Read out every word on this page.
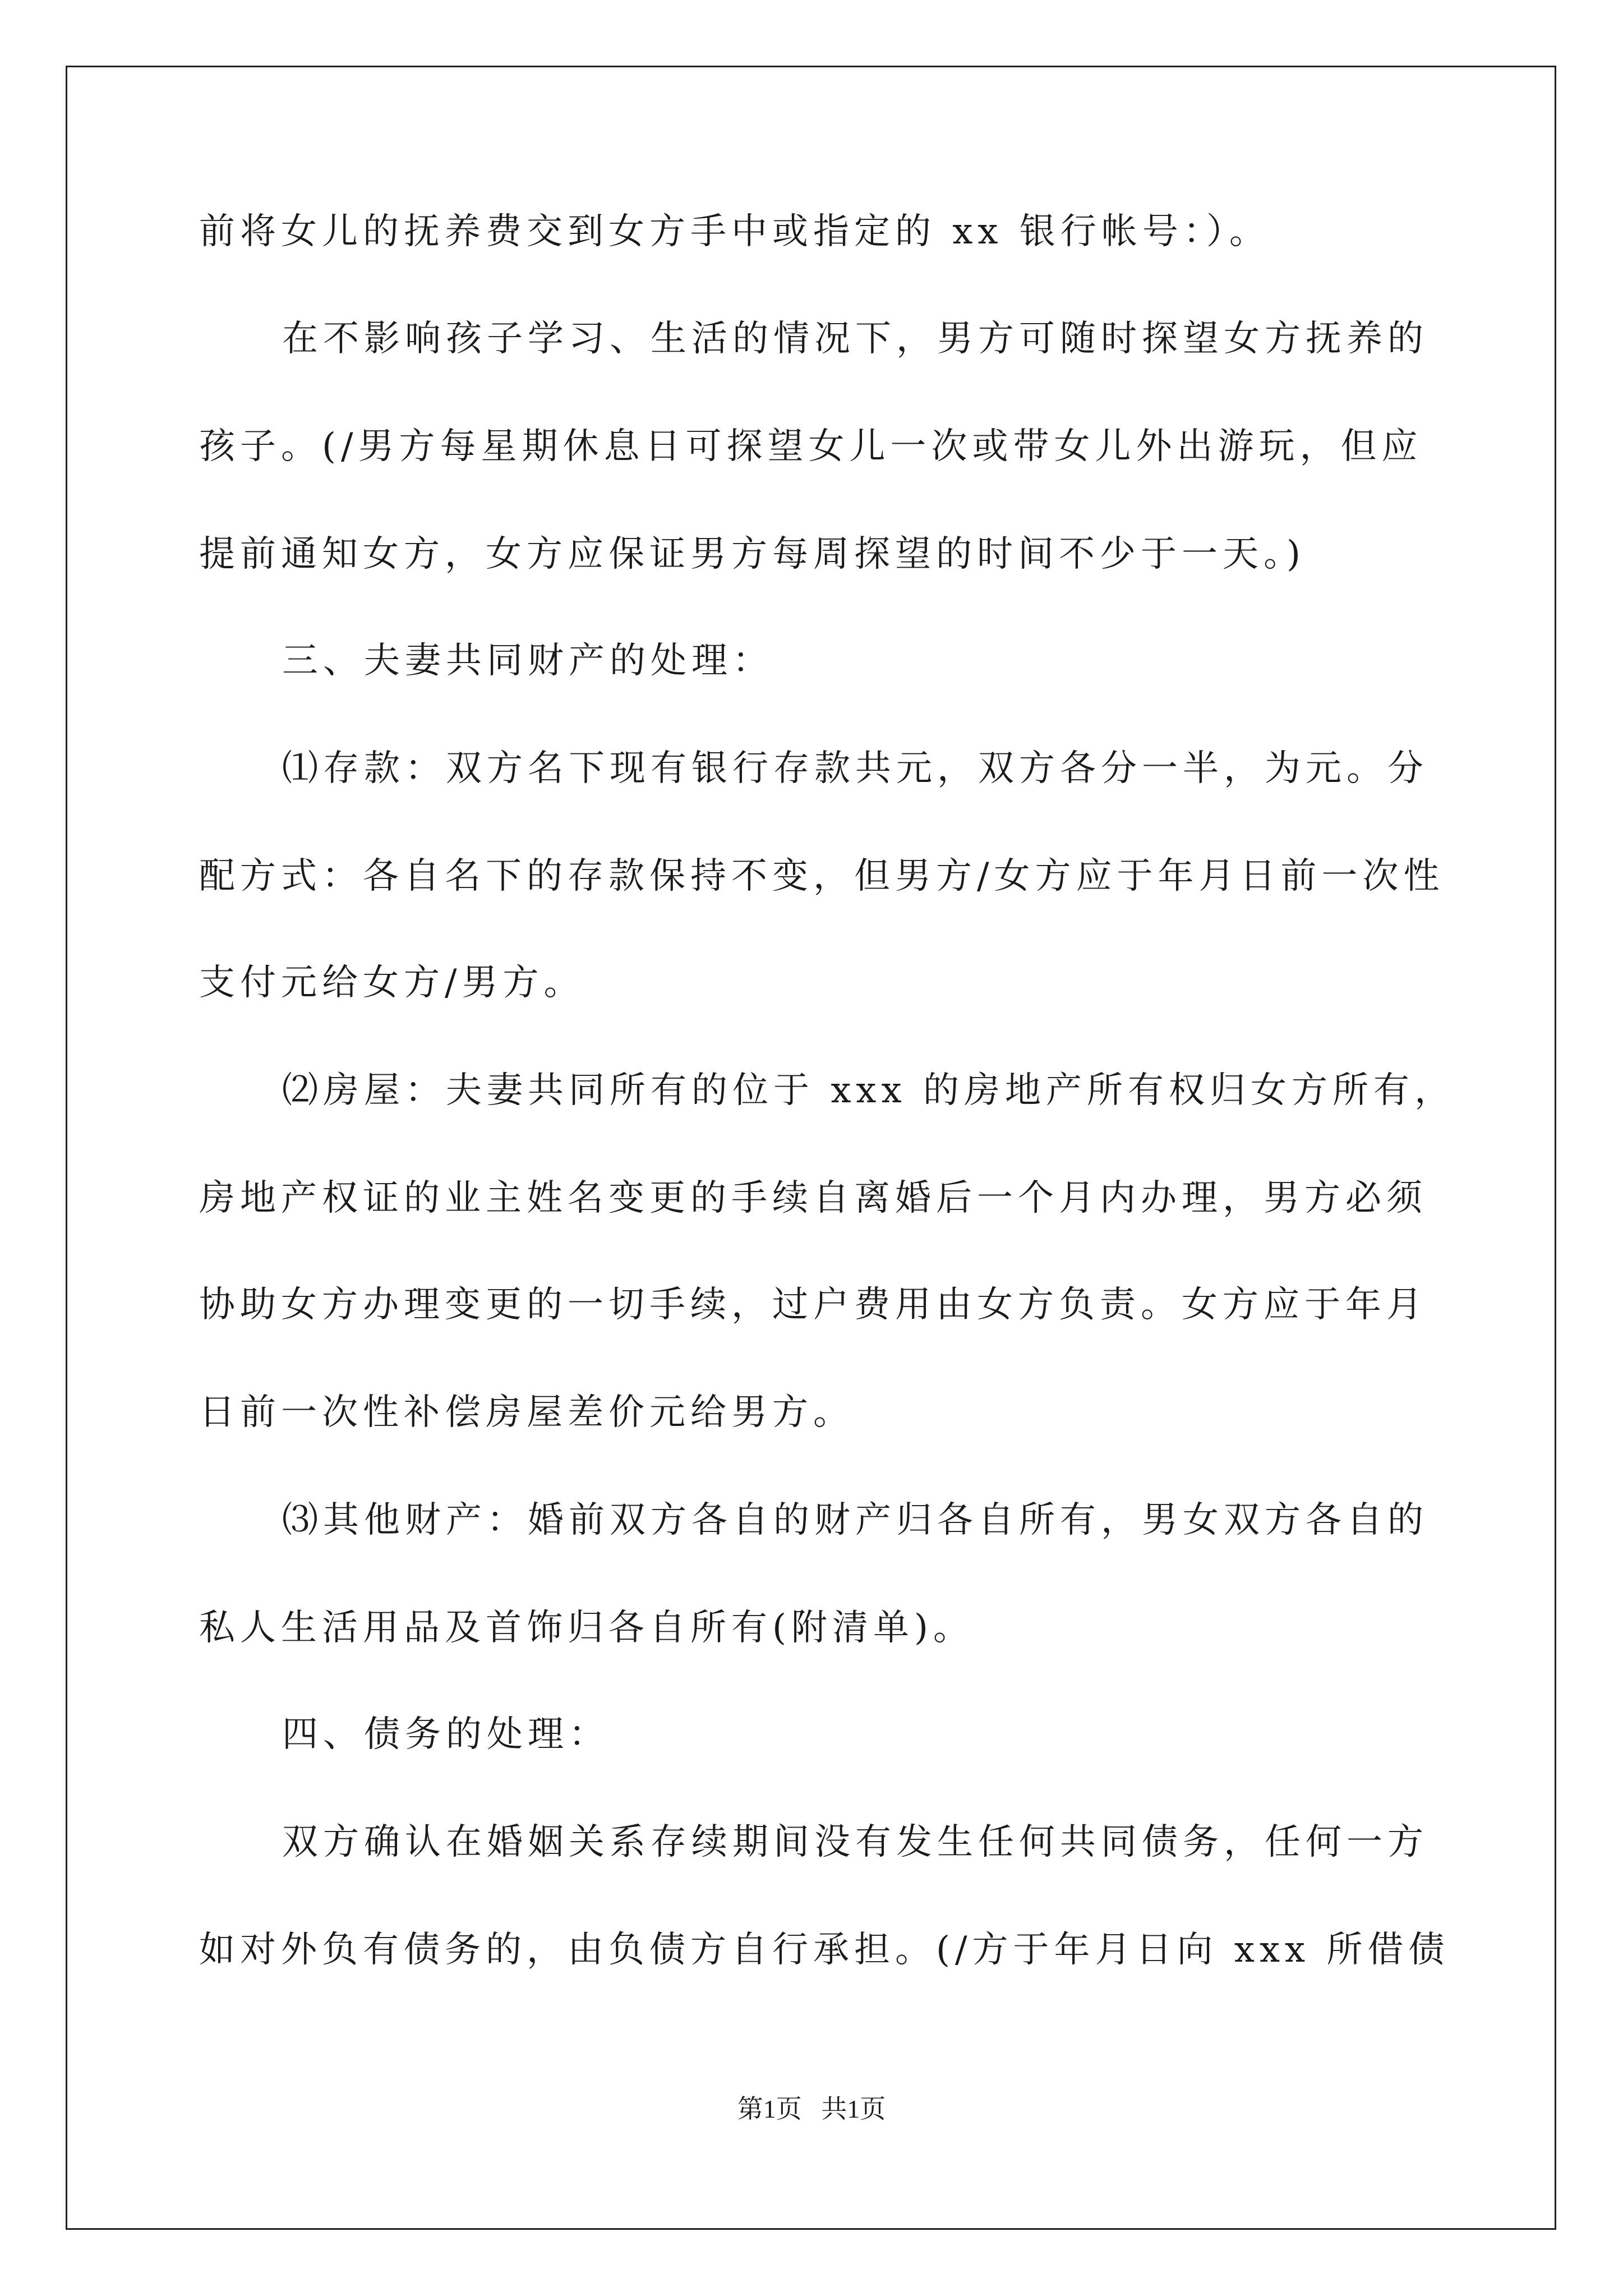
前将女儿的抚养费交到女方手中或指定的 xx 银行帐号：）。
在不影响孩子学习、生活的情况下，男方可随时探望女方抚养的
孩子。(/男方每星期休息日可探望女儿一次或带女儿外出游玩，但应
提前通知女方，女方应保证男方每周探望的时间不少于一天。)
三、夫妻共同财产的处理：
⑴存款：双方名下现有银行存款共元，双方各分一半，为元。分
配方式：各自名下的存款保持不变，但男方/女方应于年月日前一次性
支付元给女方/男方。
⑵房屋：夫妻共同所有的位于 xxx 的房地产所有权归女方所有，
房地产权证的业主姓名变更的手续自离婚后一个月内办理，男方必须
协助女方办理变更的一切手续，过户费用由女方负责。女方应于年月
日前一次性补偿房屋差价元给男方。
⑶其他财产：婚前双方各自的财产归各自所有，男女双方各自的
私人生活用品及首饰归各自所有(附清单)。
四、债务的处理：
双方确认在婚姻关系存续期间没有发生任何共同债务，任何一方
如对外负有债务的，由负债方自行承担。(/方于年月日向 xxx 所借债
第1页   共1页
